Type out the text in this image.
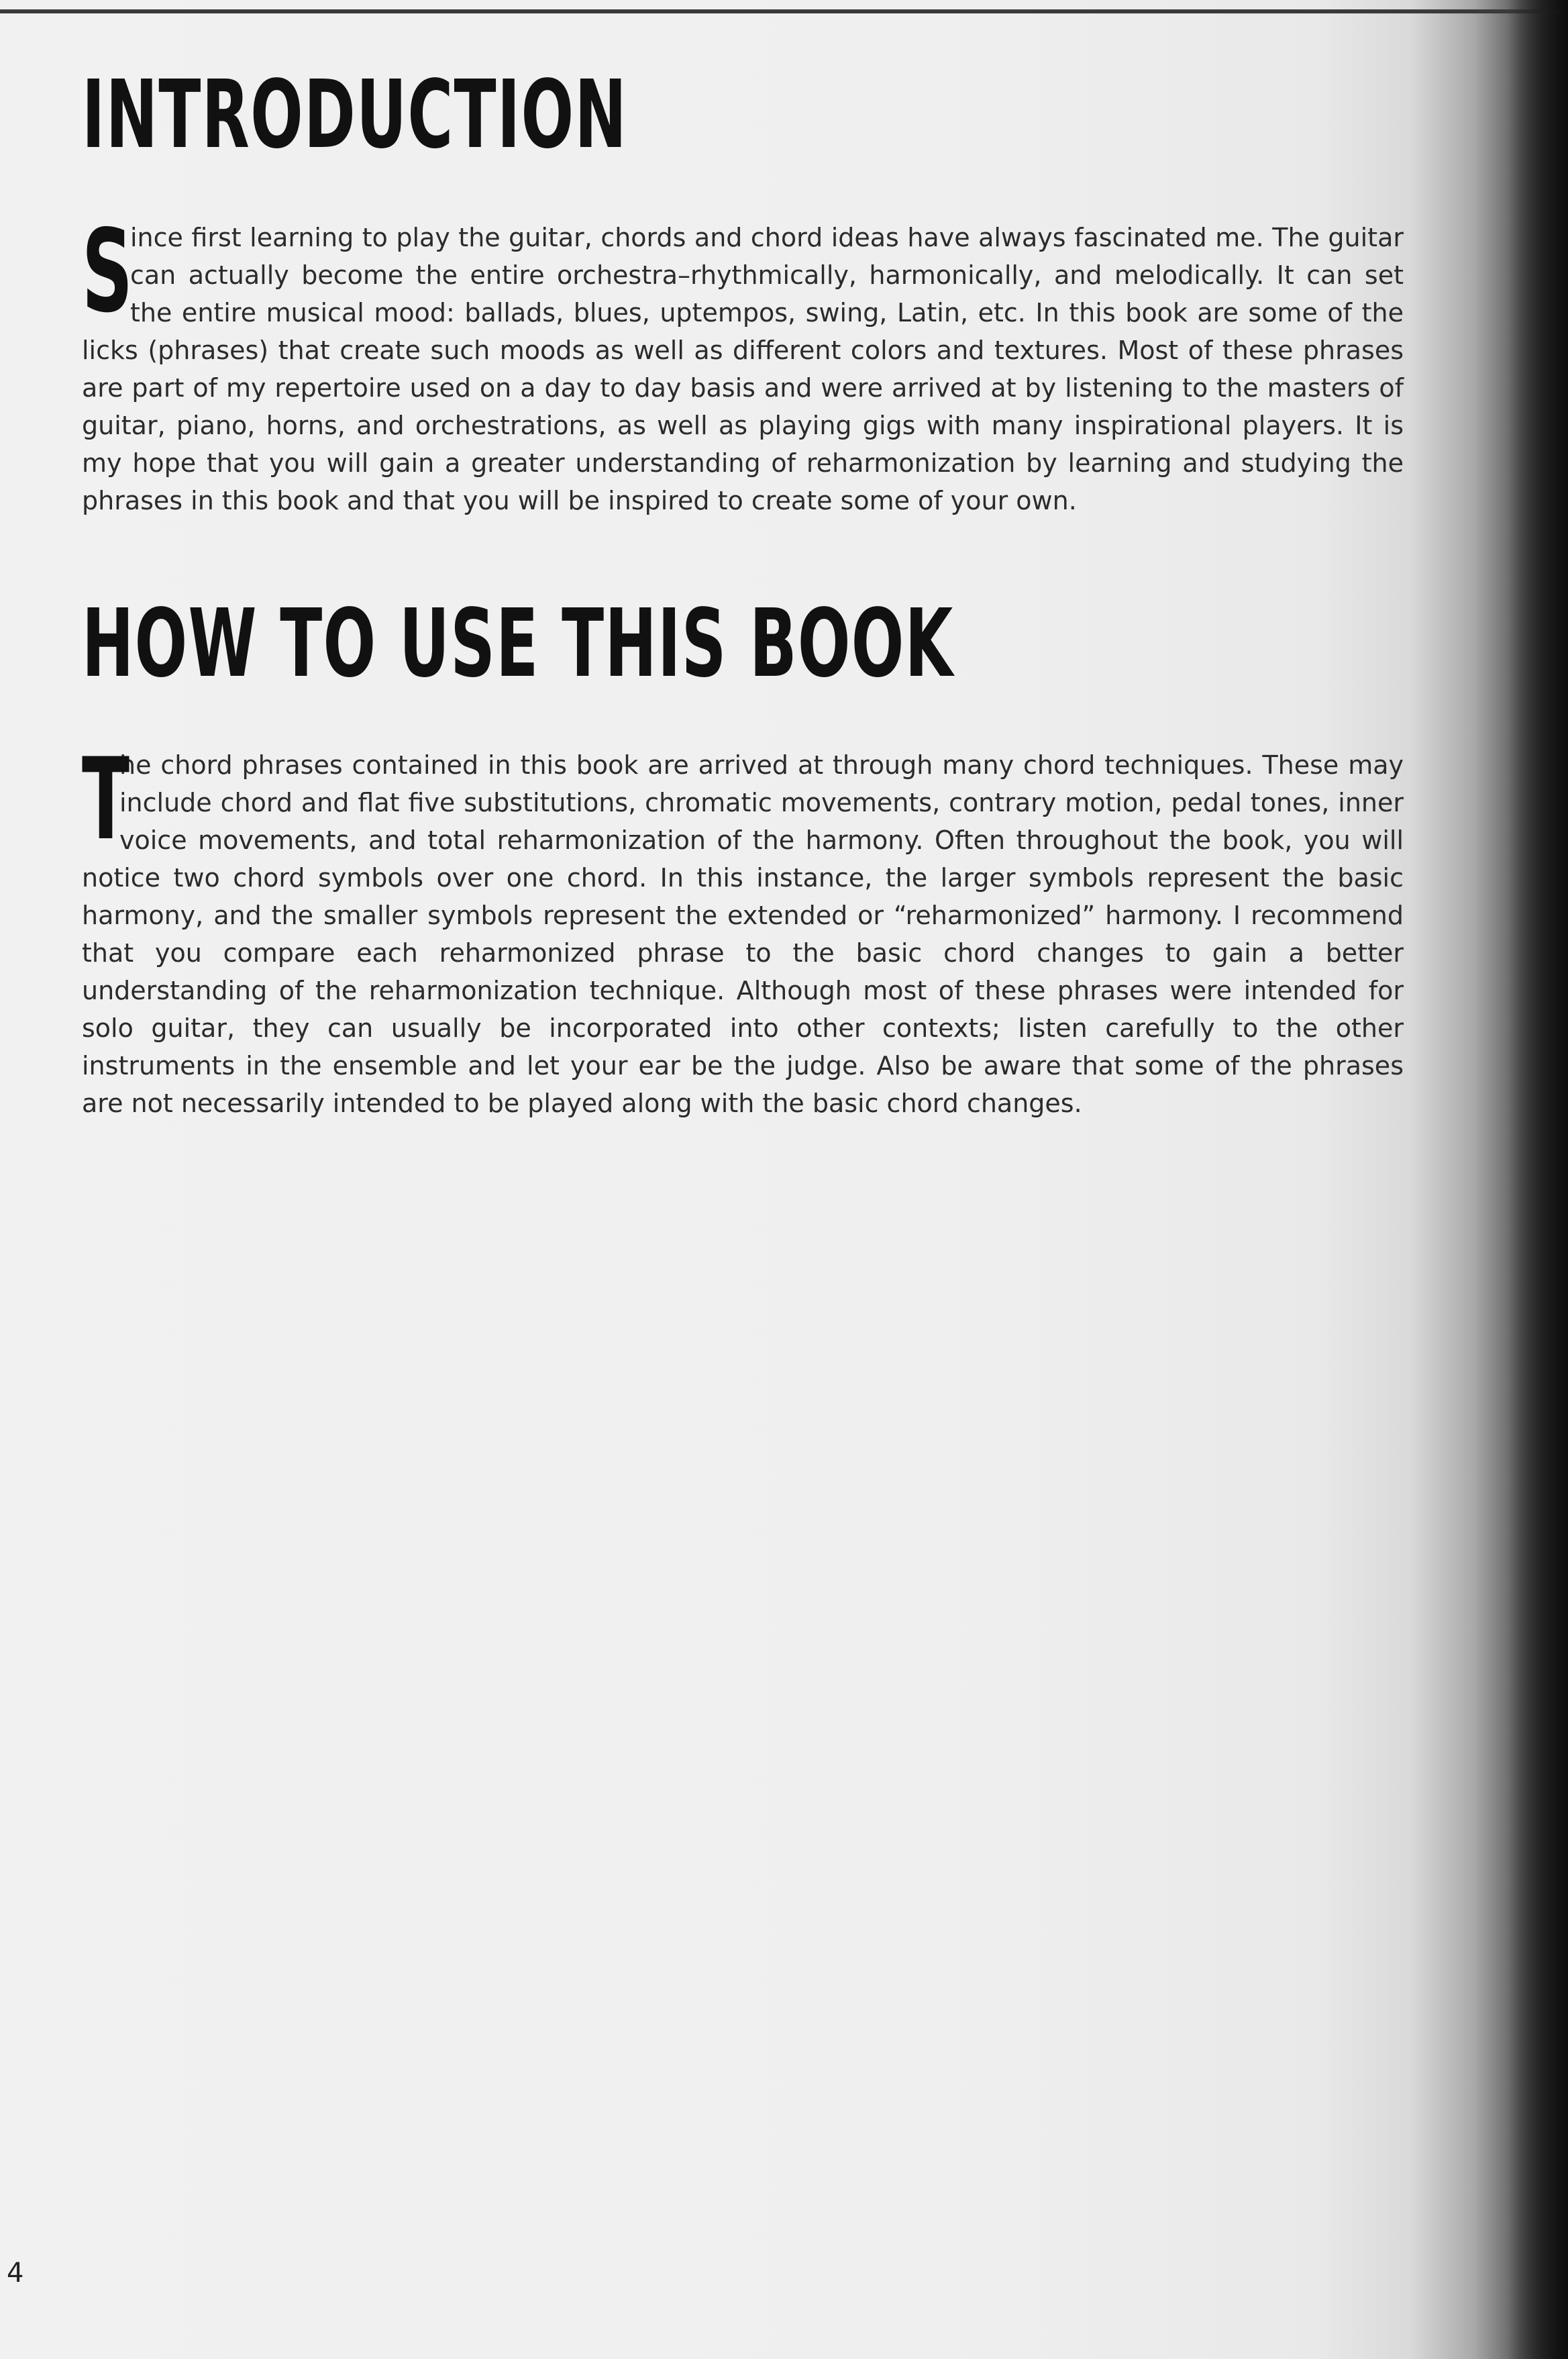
INTRODUCTION

S
ince first learning to play the guitar, chords and chord ideas have always fascinated me. The guitar can actually become the entire orchestra–rhythmically, harmonically, and melodically. It can set the entire musical mood: ballads, blues, uptempos, swing, Latin, etc. In this book are some of the licks (phrases) that create such moods as well as different colors and textures. Most of these phrases are part of my repertoire used on a day to day basis and were arrived at by listening to the masters of guitar, piano, horns, and orchestrations, as well as playing gigs with many inspirational players. It is my hope that you will gain a greater understanding of reharmonization by learning and studying the phrases in this book and that you will be inspired to create some of your own.

HOW TO USE THIS BOOK

T
he chord phrases contained in this book are arrived at through many chord techniques. These may include chord and flat five substitutions, chromatic movements, contrary motion, pedal tones, inner voice movements, and total reharmonization of the harmony. Often throughout the book, you will notice two chord symbols over one chord. In this instance, the larger symbols represent the basic harmony, and the smaller symbols represent the extended or “reharmonized” harmony. I recommend that you compare each reharmonized phrase to the basic chord changes to gain a better understanding of the reharmonization technique. Although most of these phrases were intended for solo guitar, they can usually be incorporated into other contexts; listen carefully to the other instruments in the ensemble and let your ear be the judge. Also be aware that some of the phrases are not necessarily intended to be played along with the basic chord changes.

4
